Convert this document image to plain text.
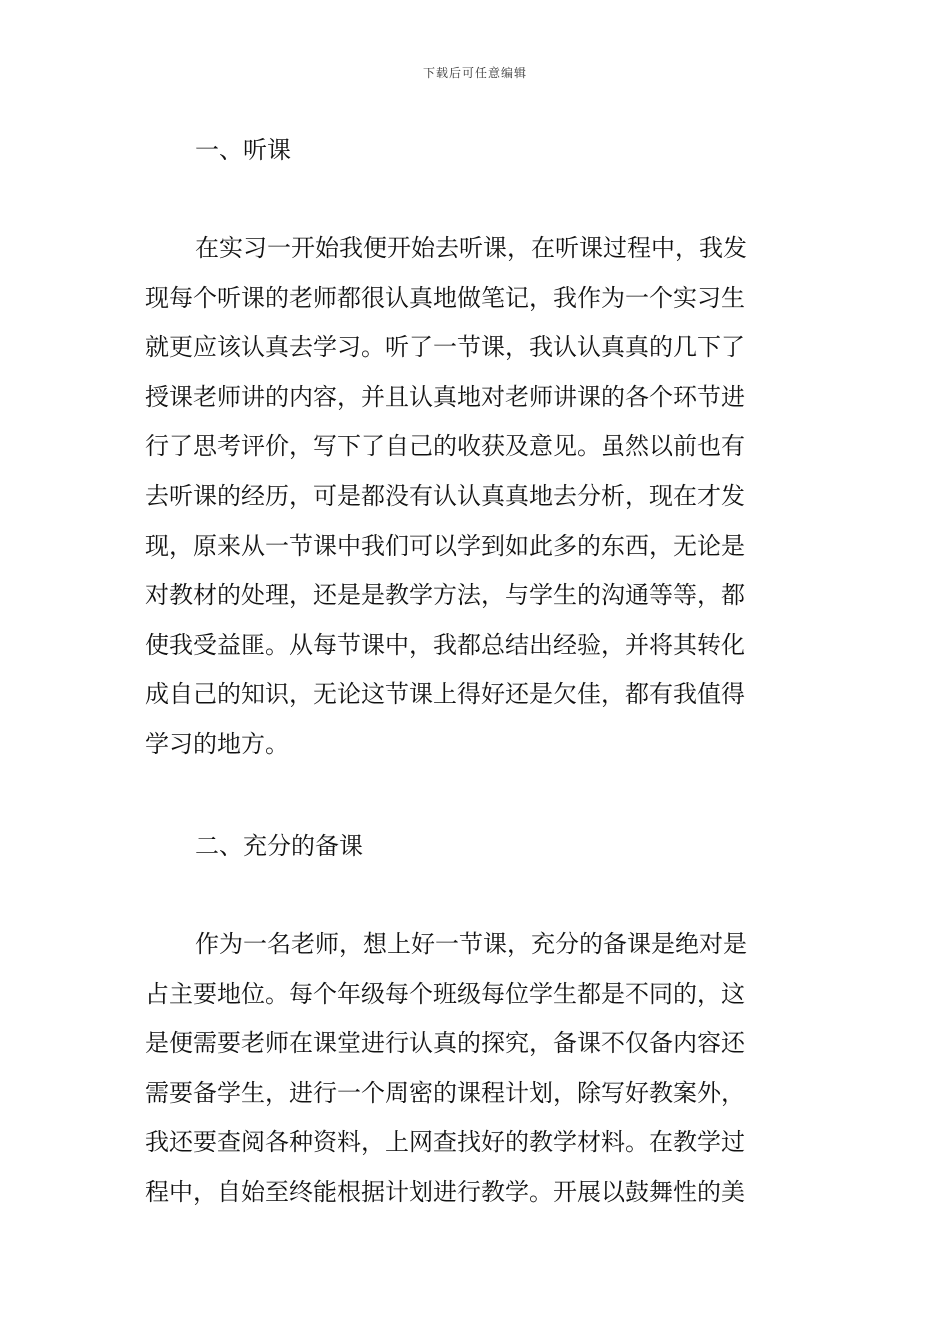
下载后可任意编辑
一、听课
在实习一开始我便开始去听课，在听课过程中，我发
现每个听课的老师都很认真地做笔记，我作为一个实习生
就更应该认真去学习。听了一节课，我认认真真的几下了
授课老师讲的内容，并且认真地对老师讲课的各个环节进
行了思考评价，写下了自己的收获及意见。虽然以前也有
去听课的经历，可是都没有认认真真地去分析，现在才发
现，原来从一节课中我们可以学到如此多的东西，无论是
对教材的处理，还是是教学方法，与学生的沟通等等，都
使我受益匪。从每节课中，我都总结出经验，并将其转化
成自己的知识，无论这节课上得好还是欠佳，都有我值得
学习的地方。
二、充分的备课
作为一名老师，想上好一节课，充分的备课是绝对是
占主要地位。每个年级每个班级每位学生都是不同的，这
是便需要老师在课堂进行认真的探究，备课不仅备内容还
需要备学生，进行一个周密的课程计划，除写好教案外，
我还要查阅各种资料，上网查找好的教学材料。在教学过
程中，自始至终能根据计划进行教学。开展以鼓舞性的美
